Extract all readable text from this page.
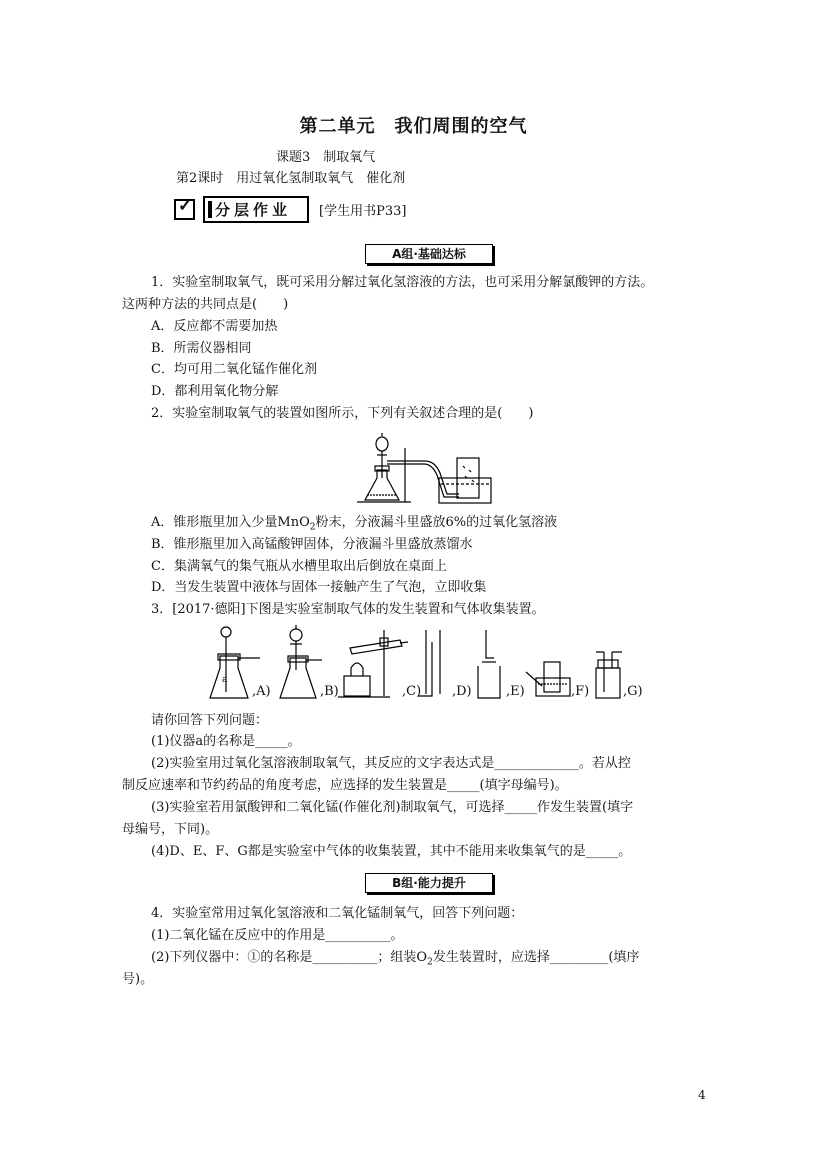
第二单元　我们周围的空气
课题3　制取氧气
第2课时　用过氧化氢制取氧气　催化剂
✓	分层作业	[学生用书P33]
A组·基础达标
1．实验室制取氧气，既可采用分解过氧化氢溶液的方法，也可采用分解氯酸钾的方法。
这两种方法的共同点是(　　)
A．反应都不需要加热
B．所需仪器相同
C．均可用二氧化锰作催化剂
D．都利用氧化物分解
2．实验室制取氧气的装置如图所示，下列有关叙述合理的是(　　)
A．锥形瓶里加入少量MnO$_2$粉末，分液漏斗里盛放6%的过氧化氢溶液
B．锥形瓶里加入高锰酸钾固体，分液漏斗里盛放蒸馏水
C．集满氧气的集气瓶从水槽里取出后倒放在桌面上
D．当发生装置中液体与固体一接触产生了气泡，立即收集
3．[2017·德阳]下图是实验室制取气体的发生装置和气体收集装置。
a
,A)	,B)	,C) ,D)	,E)	,F)	,G)
请你回答下列问题：
(1)仪器a的名称是_____。
(2)实验室用过氧化氢溶液制取氧气，其反应的文字表达式是_____________。若从控
制反应速率和节约药品的角度考虑，应选择的发生装置是_____(填字母编号)。
(3)实验室若用氯酸钾和二氧化锰(作催化剂)制取氧气，可选择_____作发生装置(填字
母编号，下同)。
(4)D、E、F、G都是实验室中气体的收集装置，其中不能用来收集氧气的是_____。
B组·能力提升
4．实验室常用过氧化氢溶液和二氧化锰制氧气，回答下列问题：
(1)二氧化锰在反应中的作用是__________。
(2)下列仪器中：①的名称是__________；组装$O_2$发生装置时，应选择_________(填序
号)。
4
